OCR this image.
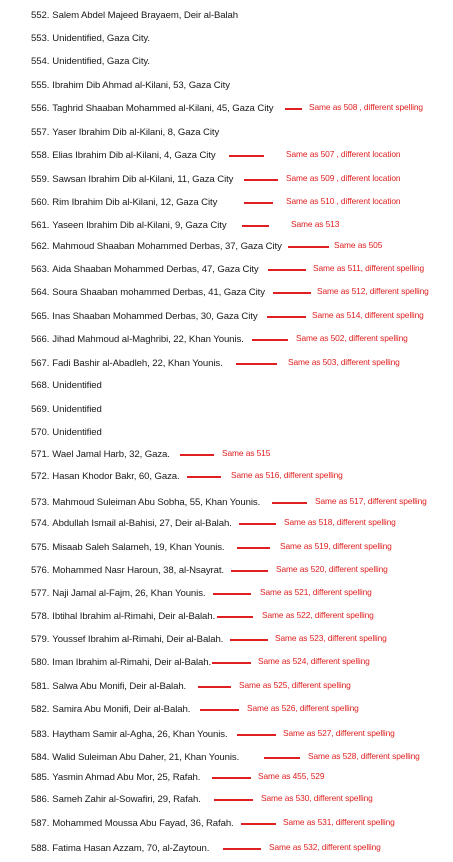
552. Salem Abdel Majeed Brayaem, Deir al-Balah
553. Unidentified, Gaza City.
554. Unidentified, Gaza City.
555. Ibrahim Dib Ahmad al-Kilani, 53, Gaza City
556. Taghrid Shaaban Mohammed al-Kilani, 45, Gaza City
557. Yaser Ibrahim Dib al-Kilani, 8, Gaza City
558. Elias Ibrahim Dib al-Kilani, 4, Gaza City
559. Sawsan Ibrahim Dib al-Kilani, 11, Gaza City
560. Rim Ibrahim Dib al-Kilani, 12, Gaza City
561. Yaseen Ibrahim Dib al-Kilani, 9, Gaza City
562. Mahmoud Shaaban Mohammed Derbas, 37, Gaza City
563. Aida Shaaban Mohammed Derbas, 47, Gaza City
564. Soura Shaaban mohammed Derbas, 41, Gaza City
565. Inas Shaaban Mohammed Derbas, 30, Gaza City
566. Jihad Mahmoud al-Maghribi, 22, Khan Younis.
567. Fadi Bashir al-Abadleh, 22, Khan Younis.
568. Unidentified
569. Unidentified
570. Unidentified
571. Wael Jamal Harb, 32, Gaza.
572. Hasan Khodor Bakr, 60, Gaza.
573. Mahmoud Suleiman Abu Sobha, 55, Khan Younis.
574. Abdullah Ismail al-Bahisi, 27, Deir al-Balah.
575. Misaab Saleh Salameh, 19, Khan Younis.
576. Mohammed Nasr Haroun, 38, al-Nsayrat.
577. Naji Jamal al-Fajm, 26, Khan Younis.
578. Ibtihal Ibrahim al-Rimahi, Deir al-Balah.
579. Youssef Ibrahim al-Rimahi, Deir al-Balah.
580. Iman Ibrahim al-Rimahi, Deir al-Balah.
581. Salwa Abu Monifi, Deir al-Balah.
582. Samira Abu Monifi, Deir al-Balah.
583. Haytham Samir al-Agha, 26, Khan Younis.
584. Walid Suleiman Abu Daher, 21, Khan Younis.
585. Yasmin Ahmad Abu Mor, 25, Rafah.
586. Sameh Zahir al-Sowafiri, 29, Rafah.
587. Mohammed Moussa Abu Fayad, 36, Rafah.
588. Fatima Hasan Azzam, 70, al-Zaytoun.
Same as 508 , different spelling
Same as 507 , different location
Same as 509 , different location
Same as 510 , different location
Same as 513
Same as 505
Same as 511, different spelling
Same as 512, different spelling
Same as 514, different spelling
Same as 502, different spelling
Same as 503, different spelling
Same as 515
Same as 516, different spelling
Same as 517, different spelling
Same as 518, different spelling
Same as 519, different spelling
Same as 520, different spelling
Same as 521, different spelling
Same as 522, different spelling
Same as 523, different spelling
Same as 524, different spelling
Same as 525, different spelling
Same as 526, different spelling
Same as 527, different spelling
Same as 528, different spelling
Same as 455, 529
Same as 530, different spelling
Same as 531, different spelling
Same as 532, different spelling
